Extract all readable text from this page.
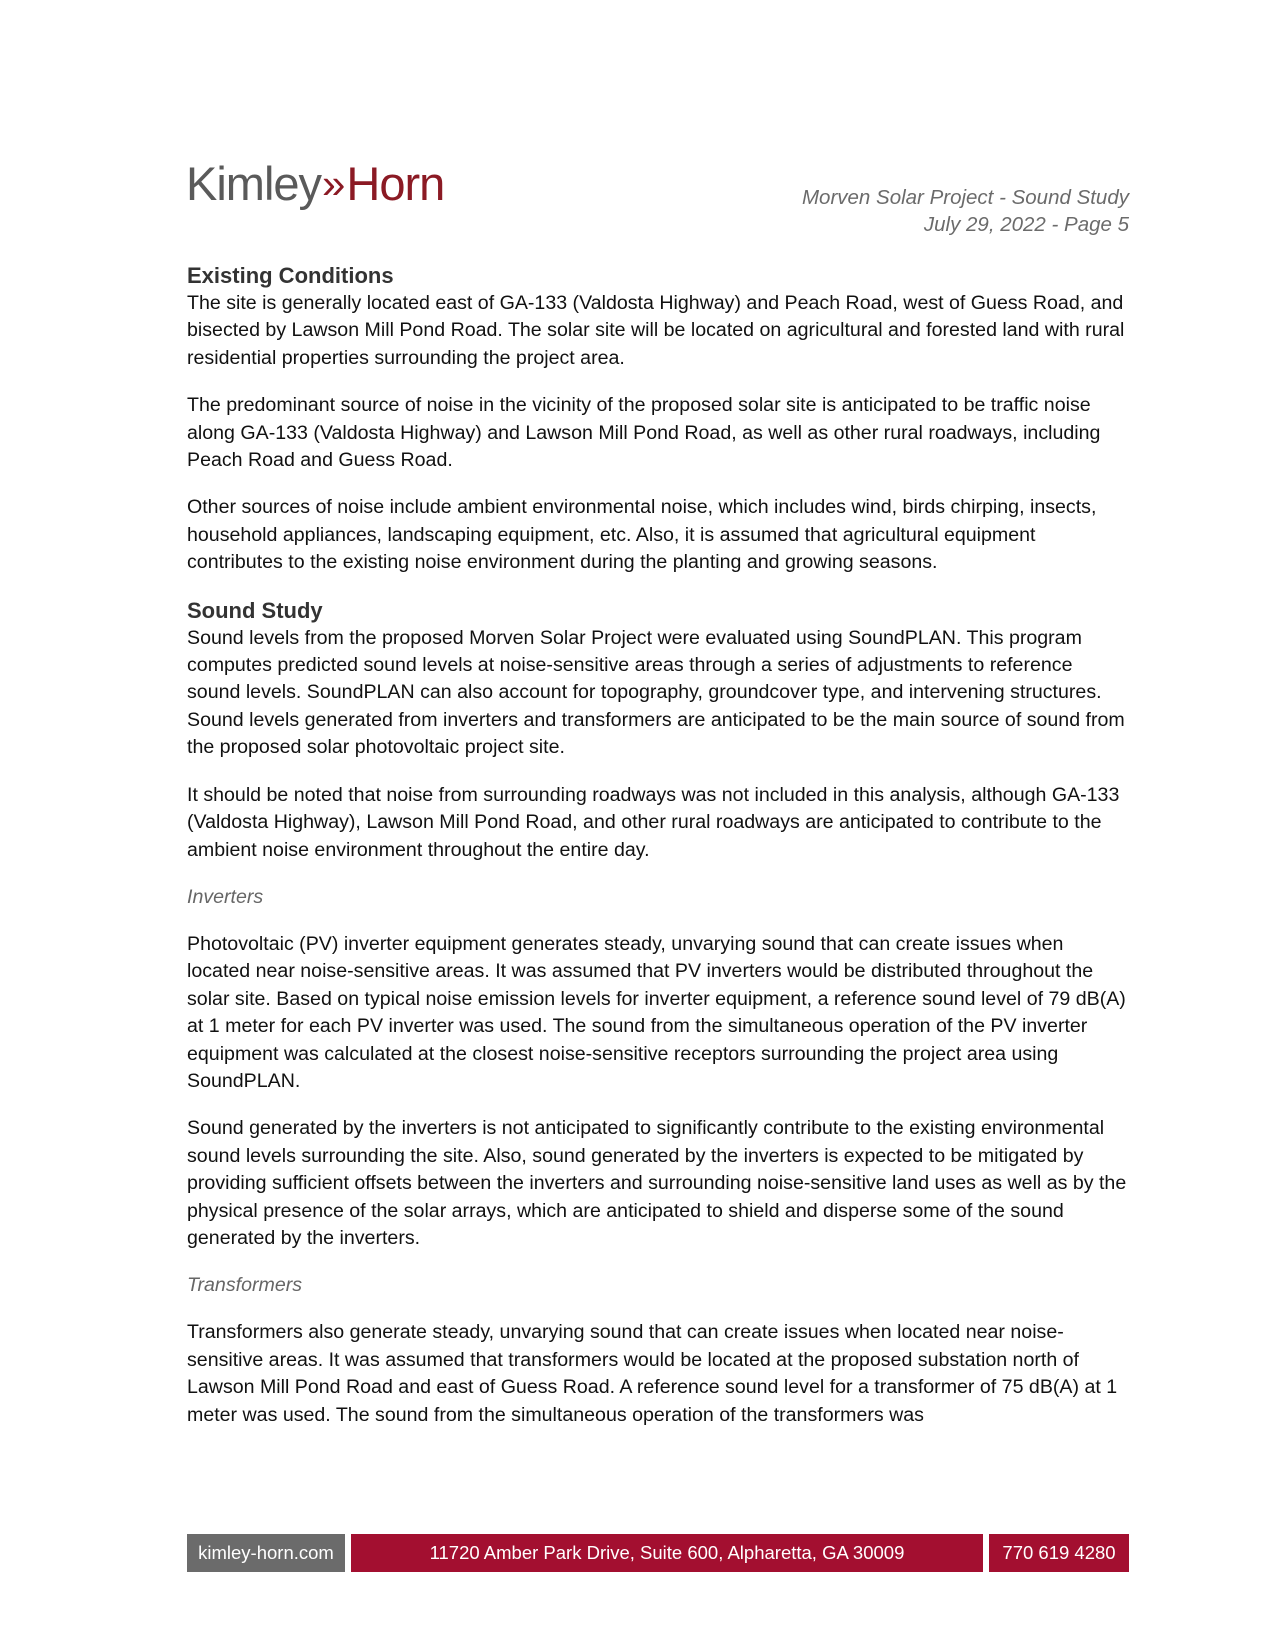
Kimley» Horn	Morven Solar Project - Sound Study
July 29, 2022 - Page 5
Existing Conditions

The site is generally located east of GA-133 (Valdosta Highway) and Peach Road, west of Guess Road, and bisected by Lawson Mill Pond Road. The solar site will be located on agricultural and forested land with rural residential properties surrounding the project area.

The predominant source of noise in the vicinity of the proposed solar site is anticipated to be traffic noise along GA-133 (Valdosta Highway) and Lawson Mill Pond Road, as well as other rural roadways, including Peach Road and Guess Road.

Other sources of noise include ambient environmental noise, which includes wind, birds chirping, insects, household appliances, landscaping equipment, etc. Also, it is assumed that agricultural equipment contributes to the existing noise environment during the planting and growing seasons.

Sound Study

Sound levels from the proposed Morven Solar Project were evaluated using SoundPLAN. This program computes predicted sound levels at noise-sensitive areas through a series of adjustments to reference sound levels. SoundPLAN can also account for topography, groundcover type, and intervening structures. Sound levels generated from inverters and transformers are anticipated to be the main source of sound from the proposed solar photovoltaic project site.

It should be noted that noise from surrounding roadways was not included in this analysis, although GA-133 (Valdosta Highway), Lawson Mill Pond Road, and other rural roadways are anticipated to contribute to the ambient noise environment throughout the entire day.

Inverters

Photovoltaic (PV) inverter equipment generates steady, unvarying sound that can create issues when located near noise-sensitive areas. It was assumed that PV inverters would be distributed throughout the solar site. Based on typical noise emission levels for inverter equipment, a reference sound level of 79 dB(A) at 1 meter for each PV inverter was used. The sound from the simultaneous operation of the PV inverter equipment was calculated at the closest noise-sensitive receptors surrounding the project area using SoundPLAN.

Sound generated by the inverters is not anticipated to significantly contribute to the existing environmental sound levels surrounding the site. Also, sound generated by the inverters is expected to be mitigated by providing sufficient offsets between the inverters and surrounding noise-sensitive land uses as well as by the physical presence of the solar arrays, which are anticipated to shield and disperse some of the sound generated by the inverters.

Transformers

Transformers also generate steady, unvarying sound that can create issues when located near noise-sensitive areas. It was assumed that transformers would be located at the proposed substation north of Lawson Mill Pond Road and east of Guess Road. A reference sound level for a transformer of 75 dB(A) at 1 meter was used. The sound from the simultaneous operation of the transformers was

kimley-horn.com	11720 Amber Park Drive, Suite 600, Alpharetta, GA 30009	770 619 4280
